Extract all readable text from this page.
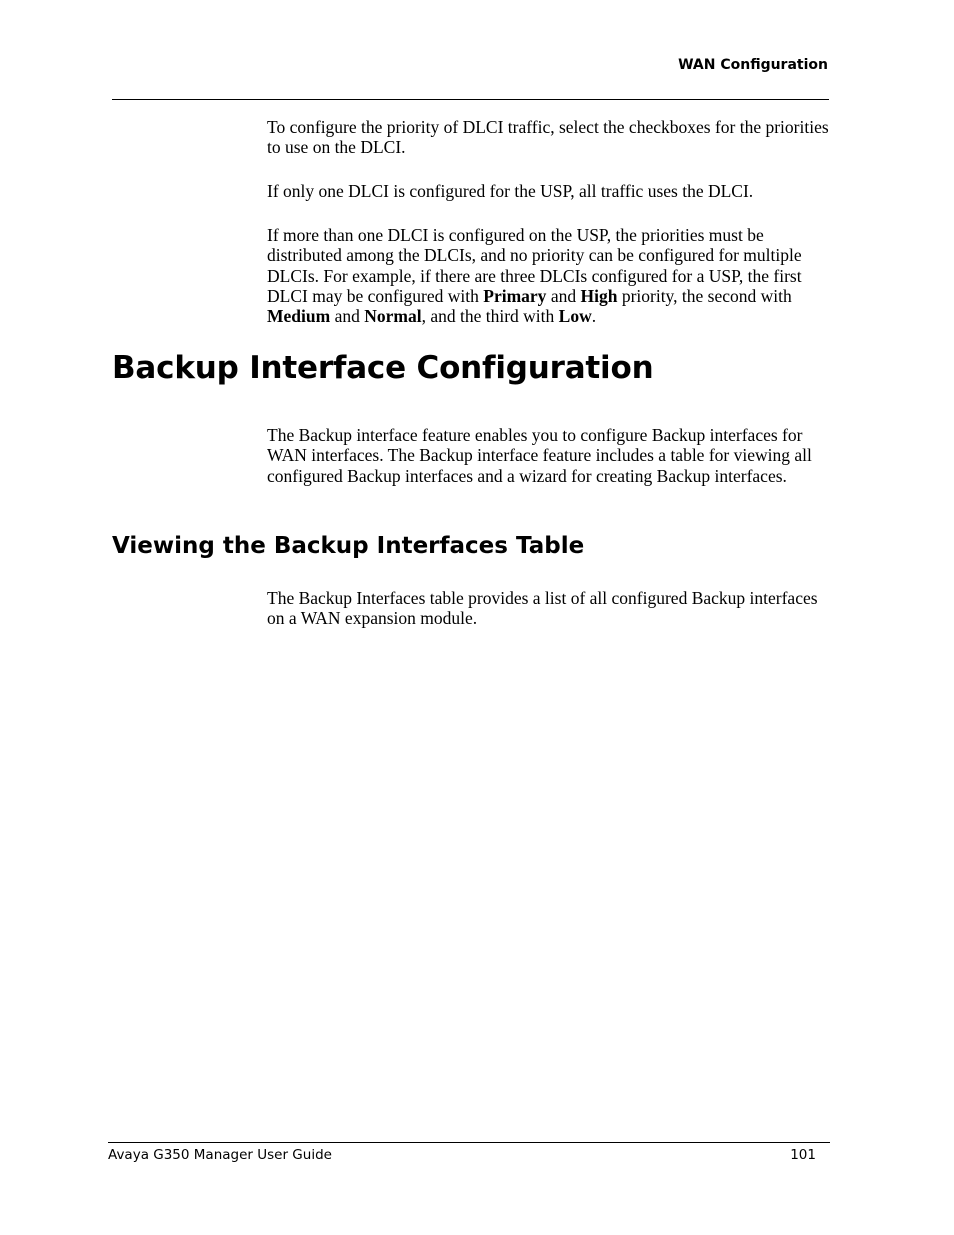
WAN Configuration
To configure the priority of DLCI traffic, select the checkboxes for the priorities to use on the DLCI.
If only one DLCI is configured for the USP, all traffic uses the DLCI.
If more than one DLCI is configured on the USP, the priorities must be distributed among the DLCIs, and no priority can be configured for multiple DLCIs. For example, if there are three DLCIs configured for a USP, the first DLCI may be configured with Primary and High priority, the second with Medium and Normal, and the third with Low.
Backup Interface Configuration
The Backup interface feature enables you to configure Backup interfaces for WAN interfaces. The Backup interface feature includes a table for viewing all configured Backup interfaces and a wizard for creating Backup interfaces.
Viewing the Backup Interfaces Table
The Backup Interfaces table provides a list of all configured Backup interfaces on a WAN expansion module.
Avaya G350 Manager User Guide	101
